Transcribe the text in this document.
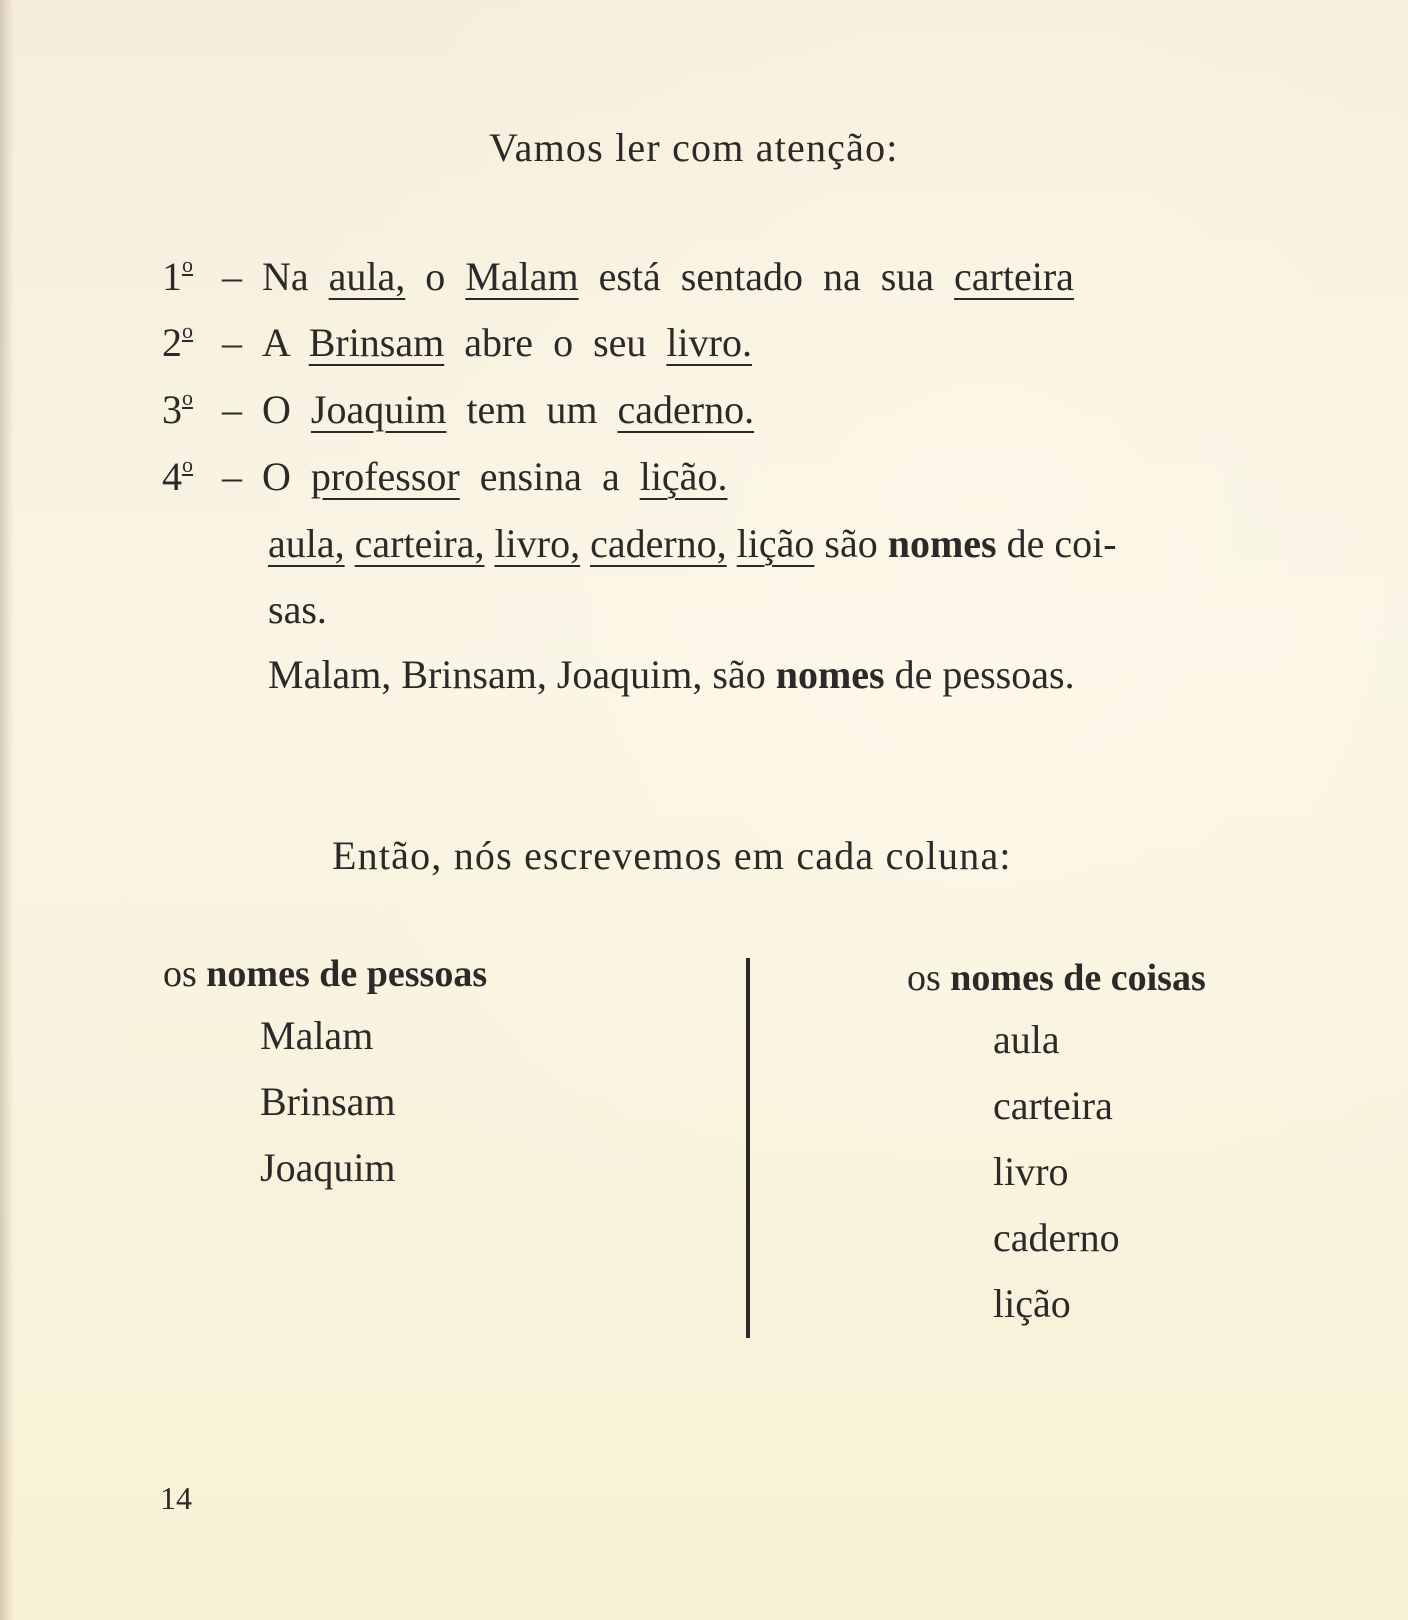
Vamos ler com atenção:
1$^o$ – Na aula, o Malam está sentado na sua carteira
2$^o$ – A Brinsam abre o seu livro.
3$^o$ – O Joaquim tem um caderno.
4$^o$ – O professor ensina a lição.
aula, carteira, livro, caderno, lição são nomes de coi-
sas.
Malam, Brinsam, Joaquim, são nomes de pessoas.
Então, nós escrevemos em cada coluna:
os nomes de pessoas
Malam
Brinsam
Joaquim
os nomes de coisas
aula
carteira
livro
caderno
lição
14
